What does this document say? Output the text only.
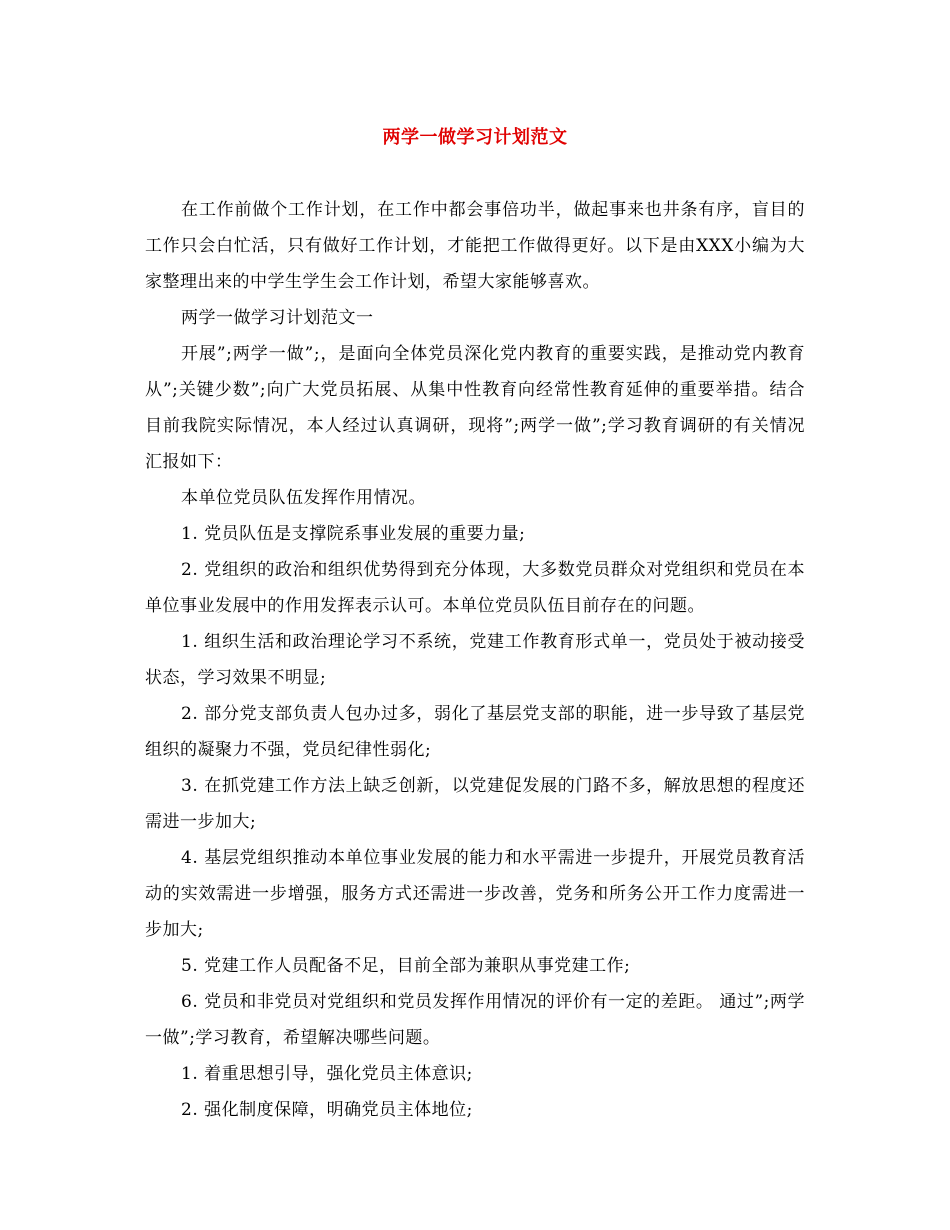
两学一做学习计划范文

在工作前做个工作计划，在工作中都会事倍功半，做起事来也井条有序，盲目的工作只会白忙活，只有做好工作计划，才能把工作做得更好。以下是由XXX小编为大家整理出来的中学生学生会工作计划，希望大家能够喜欢。

两学一做学习计划范文一

开展”;两学一做”;，是面向全体党员深化党内教育的重要实践，是推动党内教育从”;关键少数”;向广大党员拓展、从集中性教育向经常性教育延伸的重要举措。结合目前我院实际情况，本人经过认真调研，现将”;两学一做”;学习教育调研的有关情况汇报如下：

本单位党员队伍发挥作用情况。

1. 党员队伍是支撑院系事业发展的重要力量;

2. 党组织的政治和组织优势得到充分体现，大多数党员群众对党组织和党员在本单位事业发展中的作用发挥表示认可。本单位党员队伍目前存在的问题。

1. 组织生活和政治理论学习不系统，党建工作教育形式单一，党员处于被动接受状态，学习效果不明显;

2. 部分党支部负责人包办过多，弱化了基层党支部的职能，进一步导致了基层党组织的凝聚力不强，党员纪律性弱化;

3. 在抓党建工作方法上缺乏创新，以党建促发展的门路不多，解放思想的程度还需进一步加大;

4. 基层党组织推动本单位事业发展的能力和水平需进一步提升，开展党员教育活动的实效需进一步增强，服务方式还需进一步改善，党务和所务公开工作力度需进一步加大;

5. 党建工作人员配备不足，目前全部为兼职从事党建工作;

6. 党员和非党员对党组织和党员发挥作用情况的评价有一定的差距。 通过”;两学一做”;学习教育，希望解决哪些问题。

1. 着重思想引导，强化党员主体意识;

2. 强化制度保障，明确党员主体地位;
